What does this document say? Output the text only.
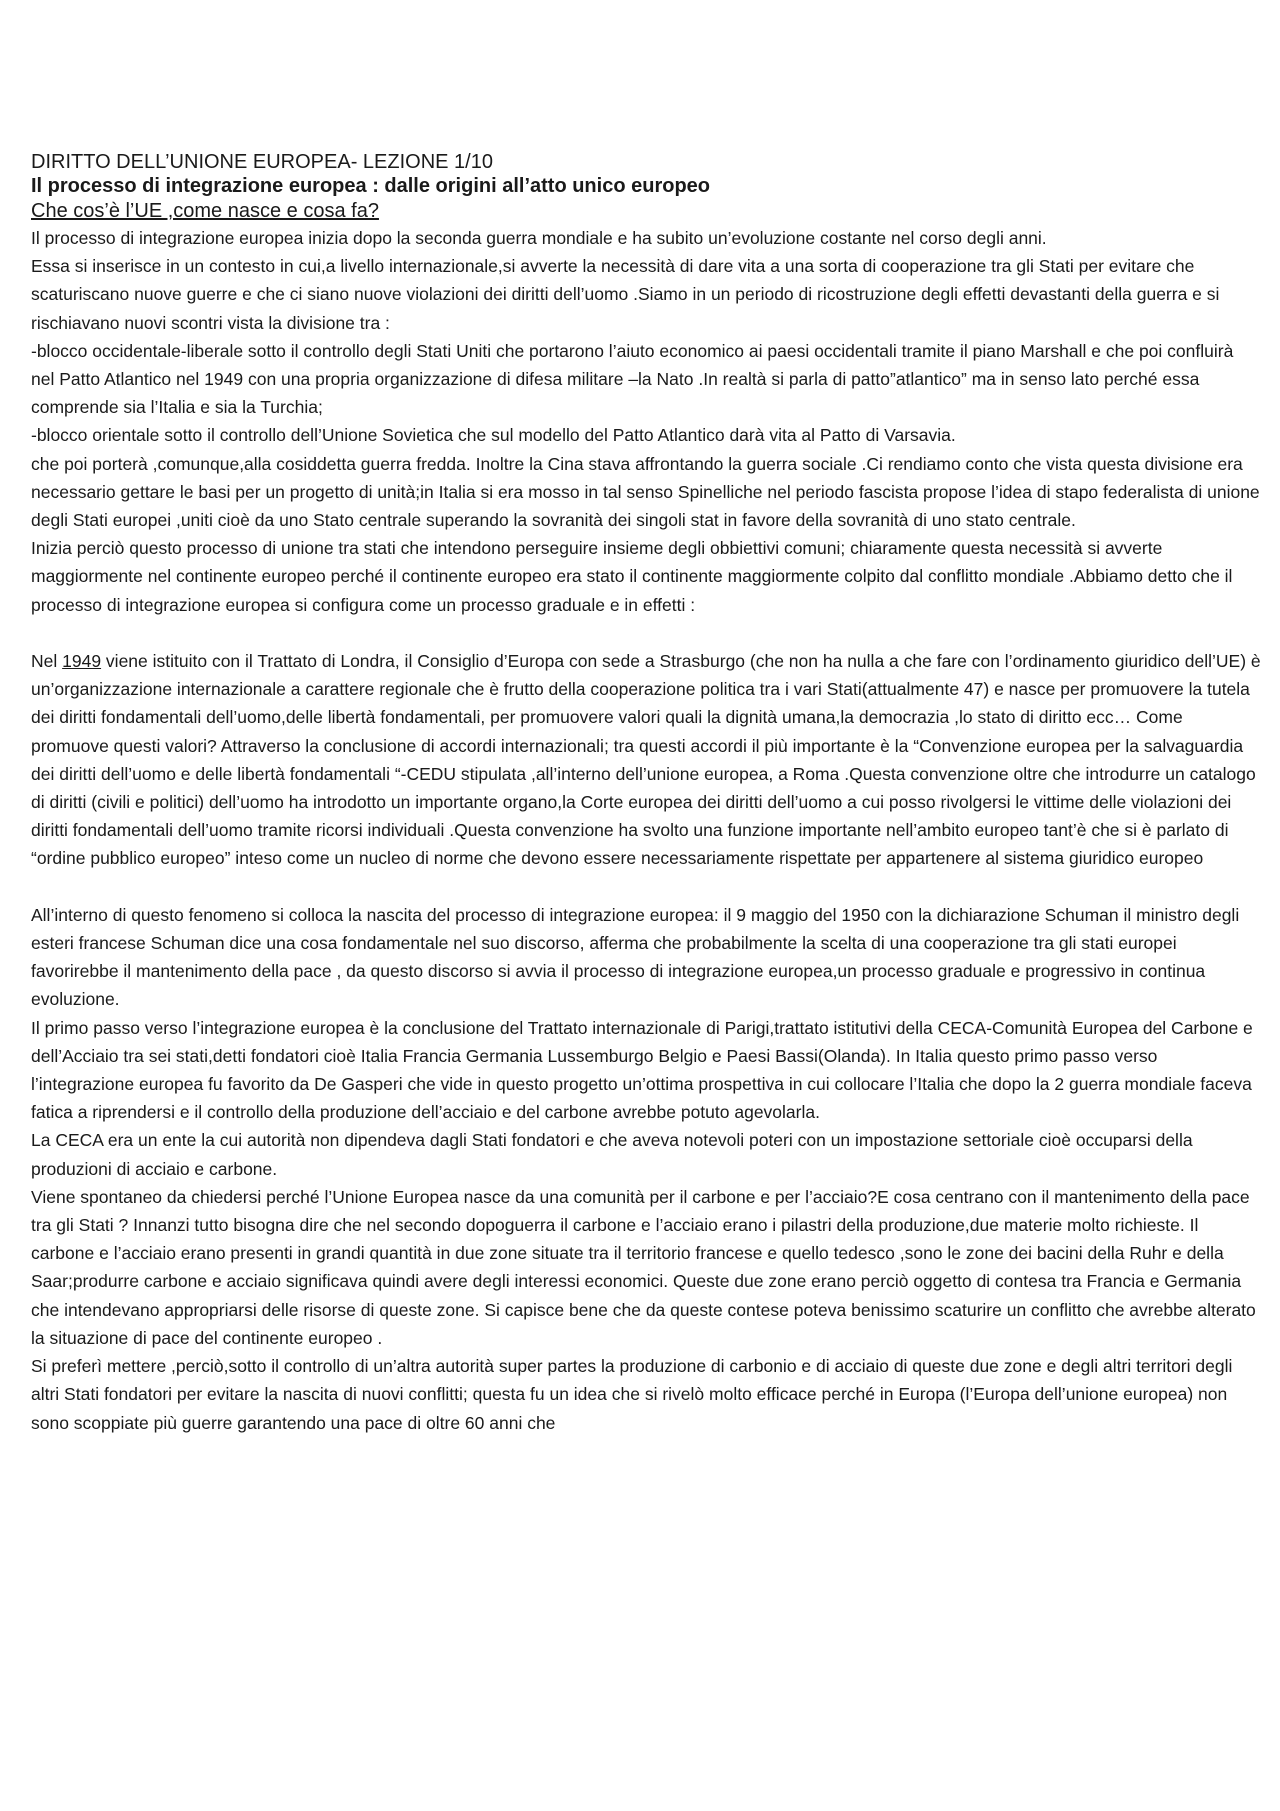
DIRITTO DELL’UNIONE EUROPEA- LEZIONE 1/10

Il processo di integrazione europea : dalle origini all’atto unico europeo

Che cos’è l’UE ,come nasce e cosa fa?

Il processo di integrazione europea inizia dopo la seconda guerra mondiale e ha subito un’evoluzione costante nel corso degli anni.

Essa si inserisce in un contesto in cui,a livello internazionale,si avverte la necessità di dare vita a una sorta di cooperazione tra gli Stati per evitare che scaturiscano nuove guerre e che ci siano nuove violazioni dei diritti dell’uomo .Siamo in un periodo di ricostruzione degli effetti devastanti della guerra e si rischiavano nuovi scontri vista la divisione tra :

-blocco occidentale-liberale sotto il controllo degli Stati Uniti che portarono l’aiuto economico ai paesi occidentali tramite il piano Marshall e che poi confluirà nel Patto Atlantico nel 1949 con una propria organizzazione di difesa militare –la Nato .In realtà si parla di patto”atlantico” ma in senso lato perché essa comprende sia l’Italia e sia la Turchia;

-blocco orientale sotto il controllo dell’Unione Sovietica che sul modello del Patto Atlantico darà vita al Patto di Varsavia.

che poi porterà ,comunque,alla cosiddetta guerra fredda. Inoltre la Cina stava affrontando la guerra sociale .Ci rendiamo conto che vista questa divisione era necessario gettare le basi per un progetto di unità;in Italia si era mosso in tal senso Spinelliche nel periodo fascista propose l’idea di stapo federalista di unione degli Stati europei ,uniti cioè da uno Stato centrale superando la sovranità dei singoli stat in favore della sovranità di uno stato centrale.

Inizia perciò questo processo di unione tra stati che intendono perseguire insieme degli obbiettivi comuni; chiaramente questa necessità si avverte maggiormente nel continente europeo perché il continente europeo era stato il continente maggiormente colpito dal conflitto mondiale .Abbiamo detto che il processo di integrazione europea si configura come un processo graduale e in effetti :

Nel 1949 viene istituito con il Trattato di Londra, il Consiglio d’Europa con sede a Strasburgo (che non ha nulla a che fare con l’ordinamento giuridico dell’UE) è un’organizzazione internazionale a carattere regionale che è frutto della cooperazione politica tra i vari Stati(attualmente 47) e nasce per promuovere la tutela dei diritti fondamentali dell’uomo,delle libertà fondamentali, per promuovere valori quali la dignità umana,la democrazia ,lo stato di diritto ecc… Come promuove questi valori? Attraverso la conclusione di accordi internazionali; tra questi accordi il più importante è la “Convenzione europea per la salvaguardia dei diritti dell’uomo e delle libertà fondamentali “-CEDU stipulata ,all’interno dell’unione europea, a Roma .Questa convenzione oltre che introdurre un catalogo di diritti (civili e politici) dell’uomo ha introdotto un importante organo,la Corte europea dei diritti dell’uomo a cui posso rivolgersi le vittime delle violazioni dei diritti fondamentali dell’uomo tramite ricorsi individuali .Questa convenzione ha svolto una funzione importante nell’ambito europeo tant’è che si è parlato di “ordine pubblico europeo” inteso come un nucleo di norme che devono essere necessariamente rispettate per appartenere al sistema giuridico europeo

All’interno di questo fenomeno si colloca la nascita del processo di integrazione europea: il 9 maggio del 1950 con la dichiarazione Schuman il ministro degli esteri francese Schuman dice una cosa fondamentale nel suo discorso, afferma che probabilmente la scelta di una cooperazione tra gli stati europei favorirebbe il mantenimento della pace , da questo discorso si avvia il processo di integrazione europea,un processo graduale e progressivo in continua evoluzione.

Il primo passo verso l’integrazione europea è la conclusione del Trattato internazionale di Parigi,trattato istitutivi della CECA-Comunità Europea del Carbone e dell’Acciaio tra sei stati,detti fondatori cioè Italia Francia Germania Lussemburgo Belgio e Paesi Bassi(Olanda). In Italia questo primo passo verso l’integrazione europea fu favorito da De Gasperi che vide in questo progetto un’ottima prospettiva in cui collocare l’Italia che dopo la 2 guerra mondiale faceva fatica a riprendersi e il controllo della produzione dell’acciaio e del carbone avrebbe potuto agevolarla.

La CECA era un ente la cui autorità non dipendeva dagli Stati fondatori e che aveva notevoli poteri con un impostazione settoriale cioè occuparsi della produzioni di acciaio e carbone.

Viene spontaneo da chiedersi perché l’Unione Europea nasce da una comunità per il carbone e per l’acciaio?E cosa centrano con il mantenimento della pace tra gli Stati ? Innanzi tutto bisogna dire che nel secondo dopoguerra il carbone e l’acciaio erano i pilastri della produzione,due materie molto richieste. Il carbone e l’acciaio erano presenti in grandi quantità in due zone situate tra il territorio francese e quello tedesco ,sono le zone dei bacini della Ruhr e della Saar;produrre carbone e acciaio significava quindi avere degli interessi economici. Queste due zone erano perciò oggetto di contesa tra Francia e Germania che intendevano appropriarsi delle risorse di queste zone. Si capisce bene che da queste contese poteva benissimo scaturire un conflitto che avrebbe alterato la situazione di pace del continente europeo .

Si preferì mettere ,perciò,sotto il controllo di un’altra autorità super partes la produzione di carbonio e di acciaio di queste due zone e degli altri territori degli altri Stati fondatori per evitare la nascita di nuovi conflitti; questa fu un idea che si rivelò molto efficace perché in Europa (l’Europa dell’unione europea) non sono scoppiate più guerre garantendo una pace di oltre 60 anni che
